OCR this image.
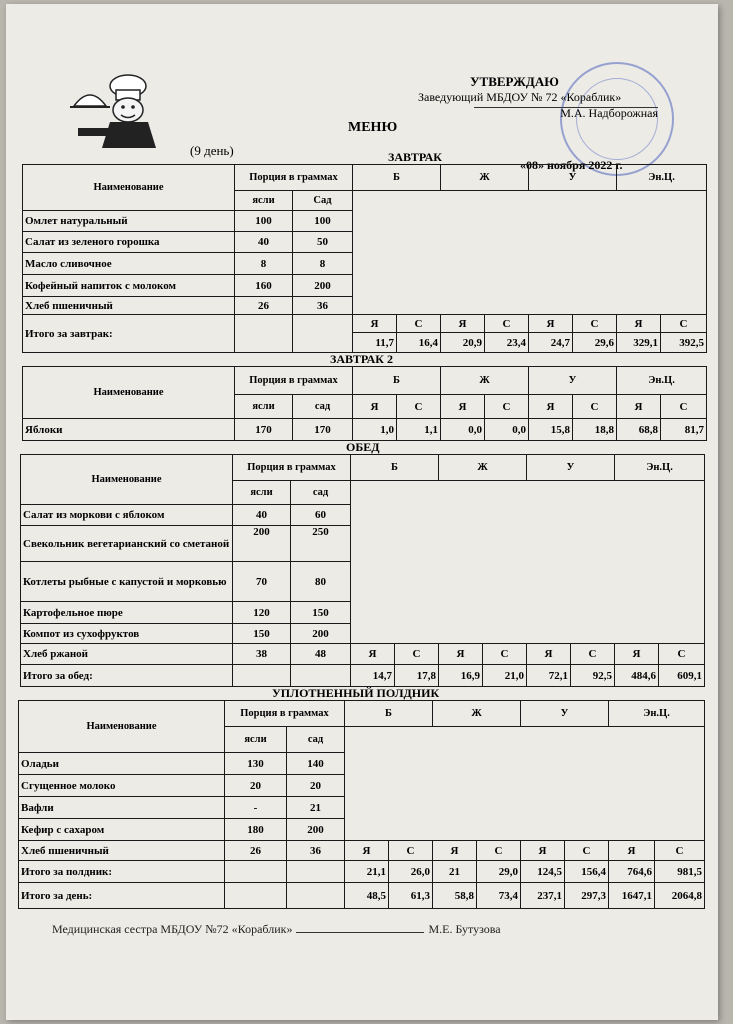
УТВЕРЖДАЮ
Заведующий МБДОУ № 72 «Кораблик»
М.А. Надборожная
МЕНЮ
(9 день)
«08» ноября 2022 г.
ЗАВТРАК
Наименование	Порция в граммах		Б		Ж		У		Эн.Ц.	
	ясли	Сад								
Омлет натуральный	100	100								
Салат из зеленого горошка	40	50								
Масло сливочное	8	8								
Кофейный напиток с молоком	160	200								
Хлеб пшеничный	26	36								
Итого за завтрак:			Я	С	Я	С	Я	С	Я	С
			11,7	16,4	20,9	23,4	24,7	29,6	329,1	392,5
ЗАВТРАК 2
Наименование	Порция в граммах		Б		Ж		У		Эн.Ц.	
	ясли	сад	Я	С	Я	С	Я	С	Я	С
Яблоки	170	170	1,0	1,1	0,0	0,0	15,8	18,8	68,8	81,7
ОБЕД
Наименование	Порция в граммах		Б		Ж		У		Эн.Ц.	
	ясли	сад								
Салат из моркови с яблоком	40	60								
Свекольник вегетарианский со сметаной	200	250								
Котлеты рыбные с капустой и морковью	70	80								
Картофельное пюре	120	150								
Компот из сухофруктов	150	200								
Хлеб ржаной	38	48	Я	С	Я	С	Я	С	Я	С
Итого за обед:			14,7	17,8	16,9	21,0	72,1	92,5	484,6	609,1
УПЛОТНЕННЫЙ ПОЛДНИК
Наименование	Порция в граммах		Б		Ж		У		Эн.Ц.	
	ясли	сад								
Оладьи	130	140								
Сгущенное молоко	20	20								
Вафли	-	21								
Кефир с сахаром	180	200								
Хлеб пшеничный	26	36	Я	С	Я	С	Я	С	Я	С
Итого за полдник:			21,1	26,0	21	29,0	124,5	156,4	764,6	981,5
Итого за день:			48,5	61,3	58,8	73,4	237,1	297,3	1647,1	2064,8
Медицинская сестра МБДОУ №72 «Кораблик»	М.Е. Бутузова
